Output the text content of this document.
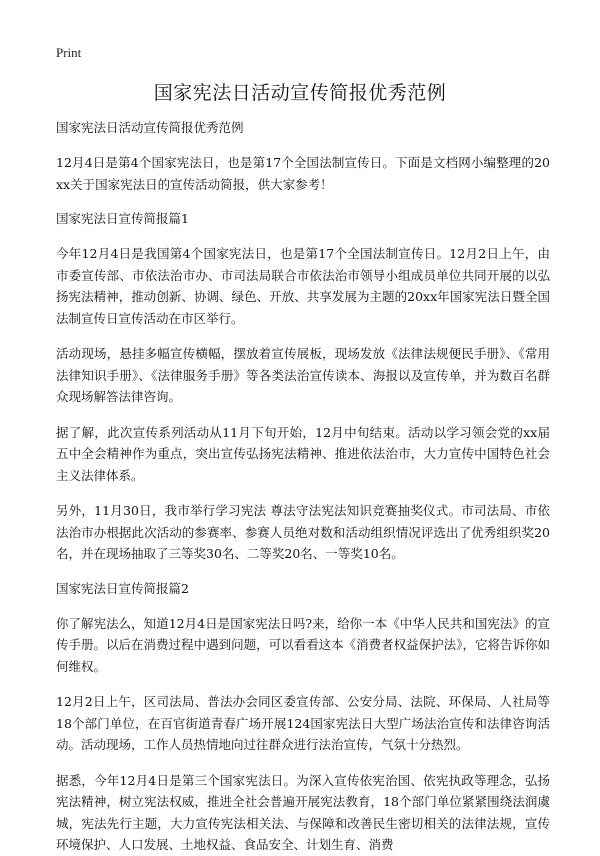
Print
国家宪法日活动宣传简报优秀范例

国家宪法日活动宣传简报优秀范例

12月4日是第4个国家宪法日，也是第17个全国法制宣传日。下面是文档网小编整理的20xx关于国家宪法日的宣传活动简报，供大家参考！

国家宪法日宣传简报篇1

今年12月4日是我国第4个国家宪法日，也是第17个全国法制宣传日。12月2日上午，由市委宣传部、市依法治市办、市司法局联合市依法治市领导小组成员单位共同开展的以弘扬宪法精神，推动创新、协调、绿色、开放、共享发展为主题的20xx年国家宪法日暨全国法制宣传日宣传活动在市区举行。

活动现场，悬挂多幅宣传横幅，摆放着宣传展板，现场发放《法律法规便民手册》、《常用法律知识手册》、《法律服务手册》等各类法治宣传读本、海报以及宣传单，并为数百名群众现场解答法律咨询。

据了解，此次宣传系列活动从11月下旬开始，12月中旬结束。活动以学习领会党的xx届五中全会精神作为重点，突出宣传弘扬宪法精神、推进依法治市，大力宣传中国特色社会主义法律体系。

另外，11月30日，我市举行学习宪法 尊法守法宪法知识竞赛抽奖仪式。市司法局、市依法治市办根据此次活动的参赛率、参赛人员绝对数和活动组织情况评选出了优秀组织奖20名，并在现场抽取了三等奖30名、二等奖20名、一等奖10名。

国家宪法日宣传简报篇2

你了解宪法么，知道12月4日是国家宪法日吗?来，给你一本《中华人民共和国宪法》的宣传手册。以后在消费过程中遇到问题，可以看看这本《消费者权益保护法》，它将告诉你如何维权。

12月2日上午，区司法局、普法办会同区委宣传部、公安分局、法院、环保局、人社局等18个部门单位，在百官街道青春广场开展124国家宪法日大型广场法治宣传和法律咨询活动。活动现场，工作人员热情地向过往群众进行法治宣传，气氛十分热烈。

据悉，今年12月4日是第三个国家宪法日。为深入宣传依宪治国、依宪执政等理念，弘扬宪法精神，树立宪法权威，推进全社会普遍开展宪法教育，18个部门单位紧紧围绕法润虞城，宪法先行主题，大力宣传宪法相关法、与保障和改善民生密切相关的法律法规，宣传环境保护、人口发展、土地权益、食品安全、计划生育、消费
